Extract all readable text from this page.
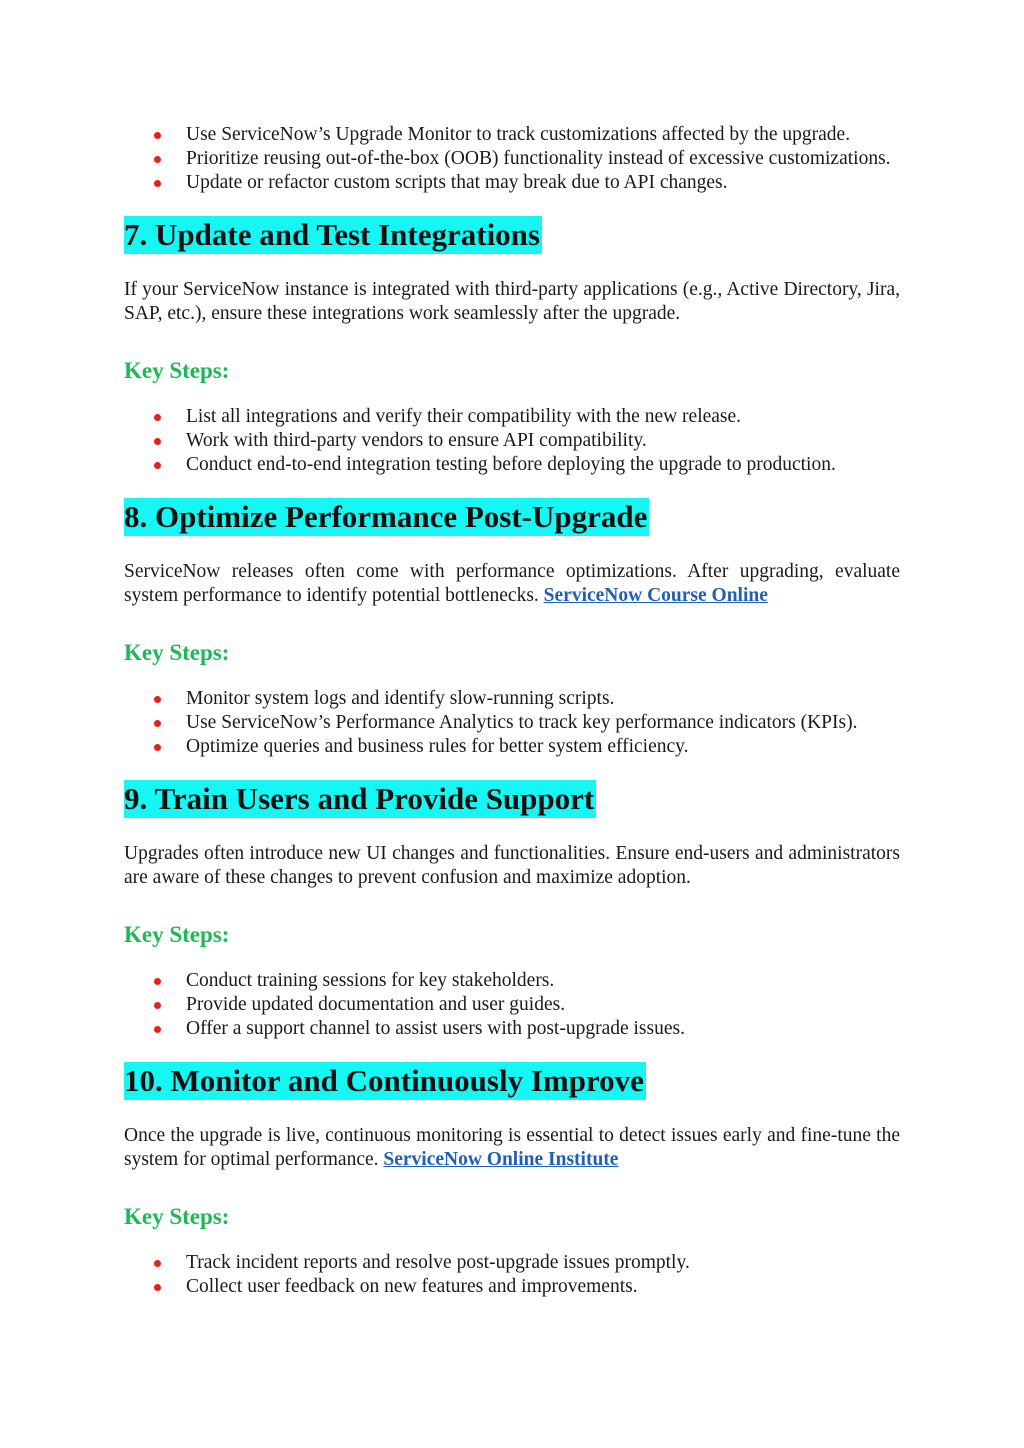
Use ServiceNow’s Upgrade Monitor to track customizations affected by the upgrade.
Prioritize reusing out-of-the-box (OOB) functionality instead of excessive customizations.
Update or refactor custom scripts that may break due to API changes.
7. Update and Test Integrations

If your ServiceNow instance is integrated with third-party applications (e.g., Active Directory, Jira, SAP, etc.), ensure these integrations work seamlessly after the upgrade.

Key Steps:

List all integrations and verify their compatibility with the new release.
Work with third-party vendors to ensure API compatibility.
Conduct end-to-end integration testing before deploying the upgrade to production.
8. Optimize Performance Post-Upgrade

ServiceNow releases often come with performance optimizations. After upgrading, evaluate system performance to identify potential bottlenecks. ServiceNow Course Online

Key Steps:

Monitor system logs and identify slow-running scripts.
Use ServiceNow’s Performance Analytics to track key performance indicators (KPIs).
Optimize queries and business rules for better system efficiency.
9. Train Users and Provide Support

Upgrades often introduce new UI changes and functionalities. Ensure end-users and administrators are aware of these changes to prevent confusion and maximize adoption.

Key Steps:

Conduct training sessions for key stakeholders.
Provide updated documentation and user guides.
Offer a support channel to assist users with post-upgrade issues.
10. Monitor and Continuously Improve

Once the upgrade is live, continuous monitoring is essential to detect issues early and fine-tune the system for optimal performance. ServiceNow Online Institute

Key Steps:

Track incident reports and resolve post-upgrade issues promptly.
Collect user feedback on new features and improvements.
